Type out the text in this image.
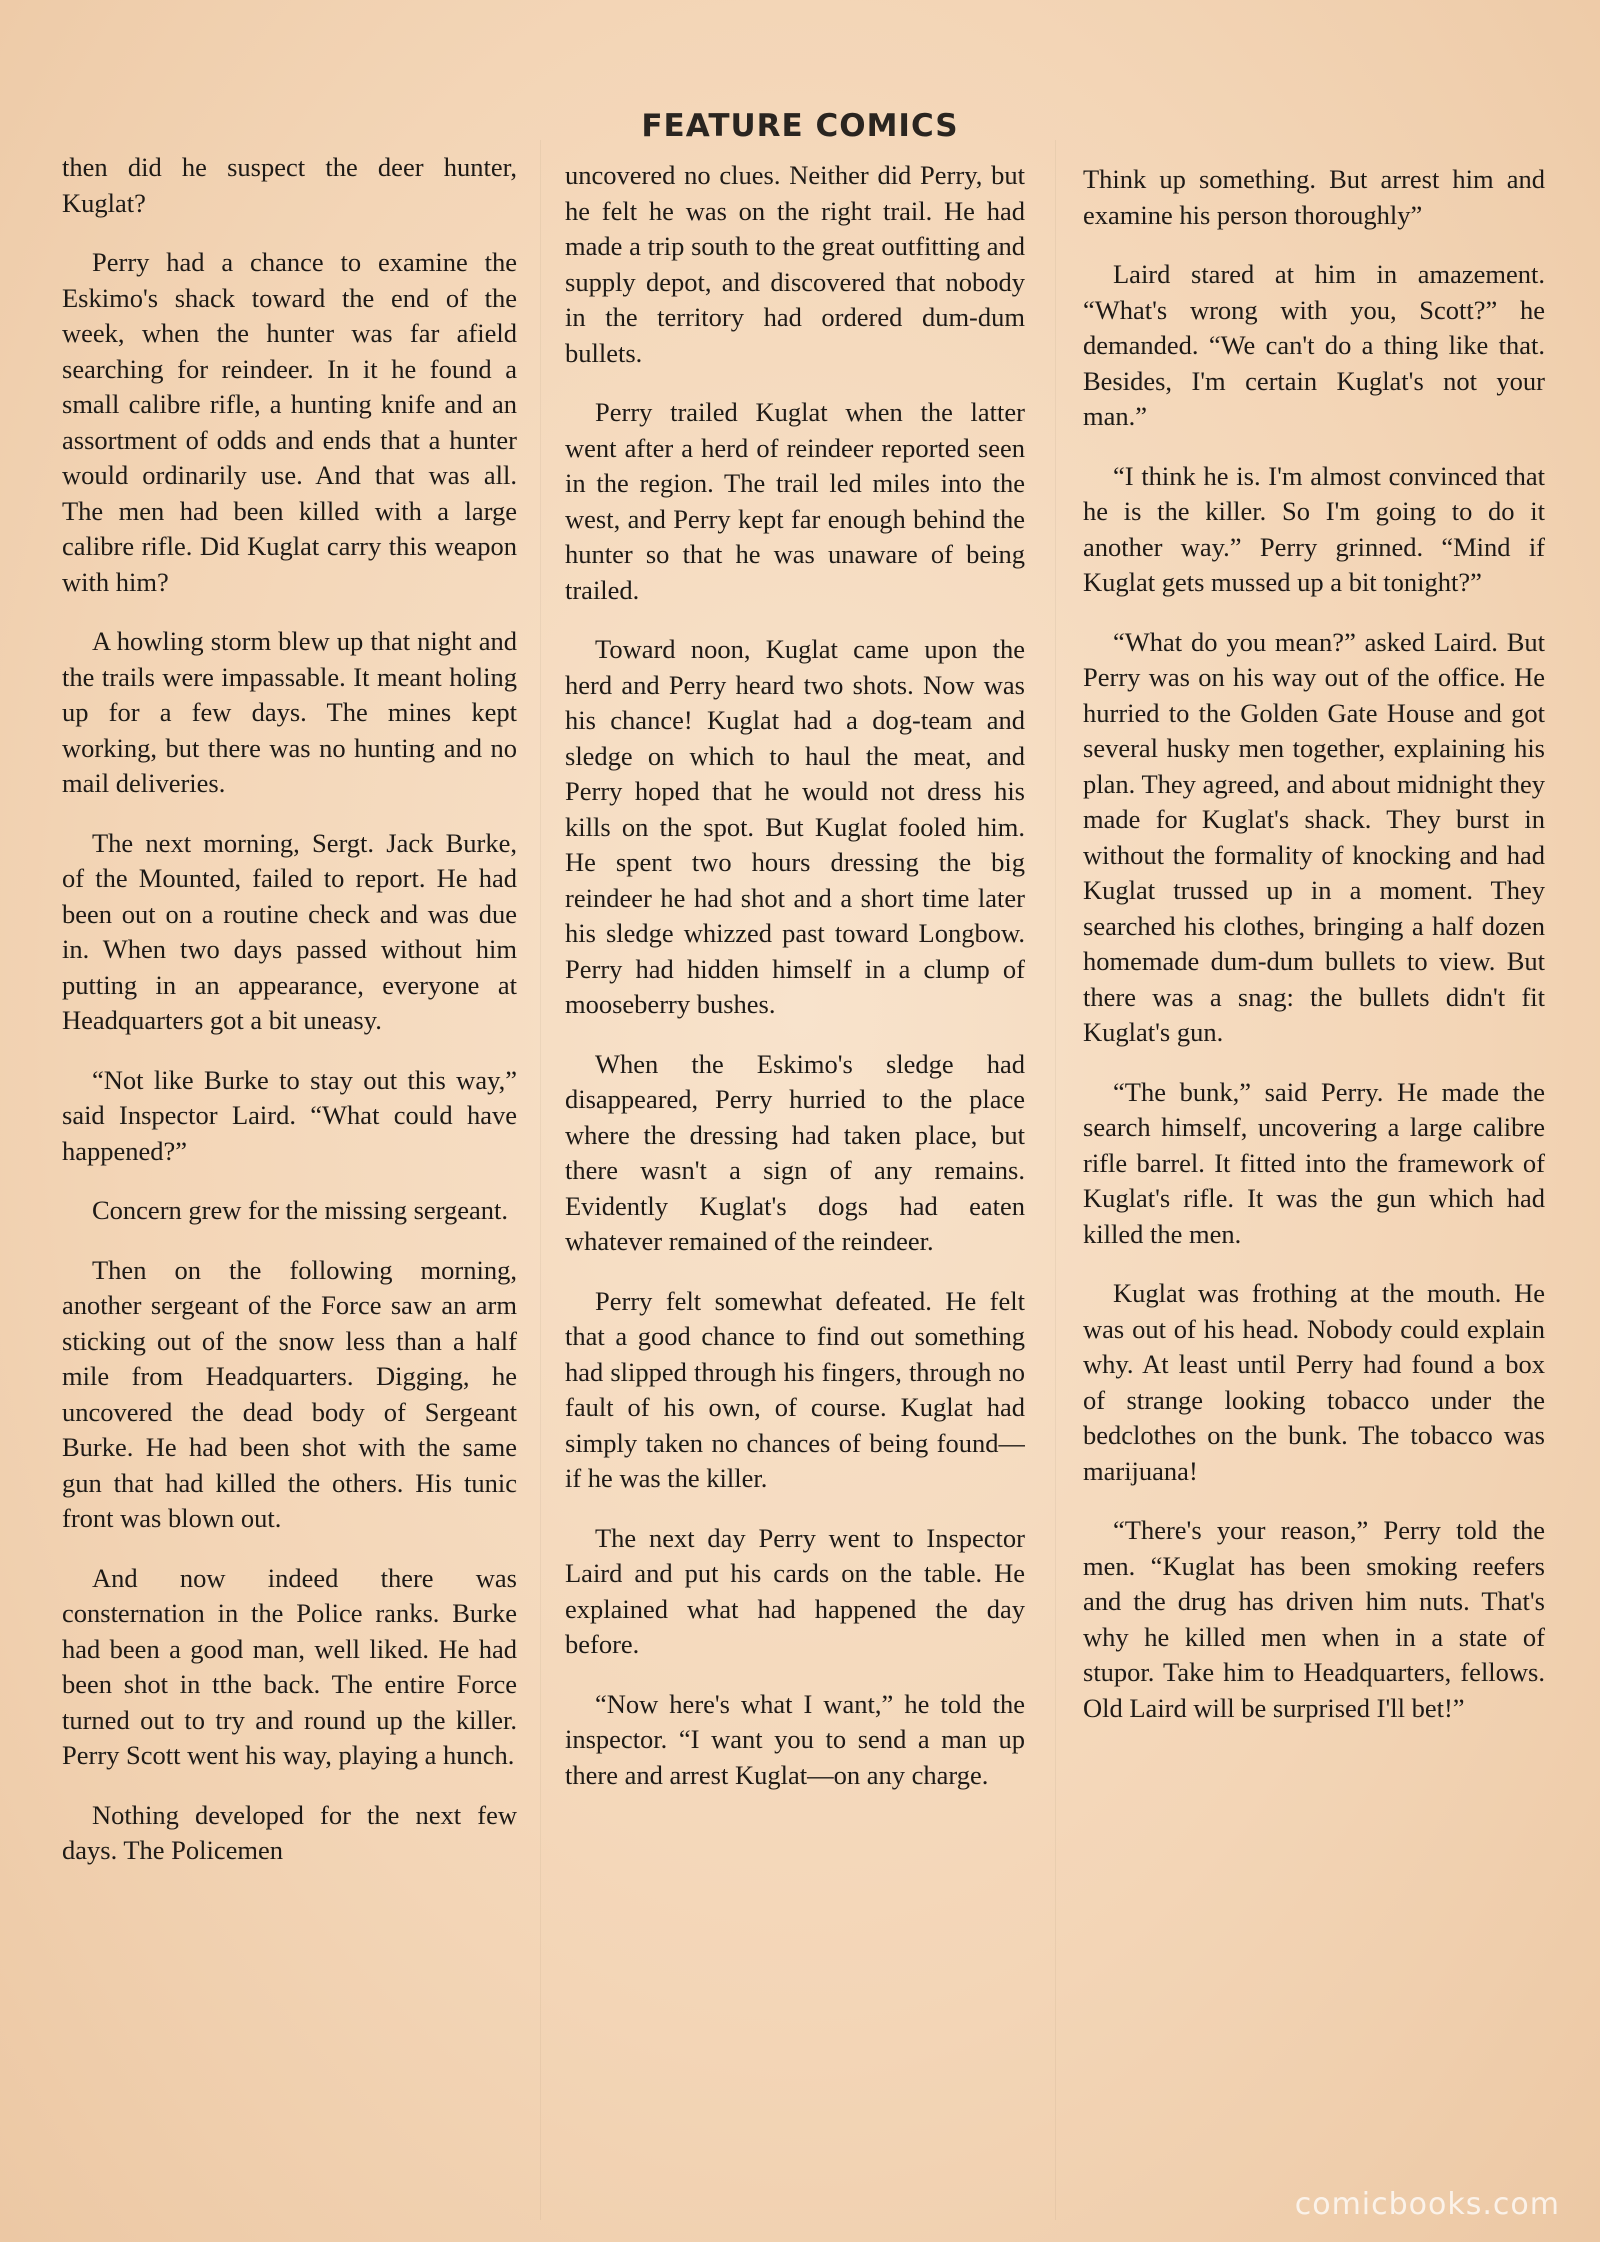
FEATURE COMICS

then did he suspect the deer hunter, Kuglat?

Perry had a chance to examine the Eskimo's shack toward the end of the week, when the hunter was far afield searching for reindeer. In it he found a small calibre rifle, a hunting knife and an assortment of odds and ends that a hunter would ordinarily use. And that was all. The men had been killed with a large calibre rifle. Did Kuglat carry this weapon with him?

A howling storm blew up that night and the trails were impassable. It meant holing up for a few days. The mines kept working, but there was no hunting and no mail deliveries.

The next morning, Sergt. Jack Burke, of the Mounted, failed to report. He had been out on a routine check and was due in. When two days passed without him putting in an appearance, everyone at Headquarters got a bit uneasy.

“Not like Burke to stay out this way,” said Inspector Laird. “What could have happened?”

Concern grew for the missing sergeant.

Then on the following morning, another sergeant of the Force saw an arm sticking out of the snow less than a half mile from Headquarters. Digging, he uncovered the dead body of Sergeant Burke. He had been shot with the same gun that had killed the others. His tunic front was blown out.

And now indeed there was consternation in the Police ranks. Burke had been a good man, well liked. He had been shot in tthe back. The entire Force turned out to try and round up the killer. Perry Scott went his way, playing a hunch.

Nothing developed for the next few days. The Policemen

uncovered no clues. Neither did Perry, but he felt he was on the right trail. He had made a trip south to the great outfitting and supply depot, and discovered that nobody in the territory had ordered dum-dum bullets.

Perry trailed Kuglat when the latter went after a herd of reindeer reported seen in the region. The trail led miles into the west, and Perry kept far enough behind the hunter so that he was unaware of being trailed.

Toward noon, Kuglat came upon the herd and Perry heard two shots. Now was his chance! Kuglat had a dog-team and sledge on which to haul the meat, and Perry hoped that he would not dress his kills on the spot. But Kuglat fooled him. He spent two hours dressing the big reindeer he had shot and a short time later his sledge whizzed past toward Longbow. Perry had hidden himself in a clump of mooseberry bushes.

When the Eskimo's sledge had disappeared, Perry hurried to the place where the dressing had taken place, but there wasn't a sign of any remains. Evidently Kuglat's dogs had eaten whatever remained of the reindeer.

Perry felt somewhat defeated. He felt that a good chance to find out something had slipped through his fingers, through no fault of his own, of course. Kuglat had simply taken no chances of being found—if he was the killer.

The next day Perry went to Inspector Laird and put his cards on the table. He explained what had happened the day before.

“Now here's what I want,” he told the inspector. “I want you to send a man up there and arrest Kuglat—on any charge.

Think up something. But arrest him and examine his person thoroughly”

Laird stared at him in amazement. “What's wrong with you, Scott?” he demanded. “We can't do a thing like that. Besides, I'm certain Kuglat's not your man.”

“I think he is. I'm almost convinced that he is the killer. So I'm going to do it another way.” Perry grinned. “Mind if Kuglat gets mussed up a bit tonight?”

“What do you mean?” asked Laird. But Perry was on his way out of the office. He hurried to the Golden Gate House and got several husky men together, explaining his plan. They agreed, and about midnight they made for Kuglat's shack. They burst in without the formality of knocking and had Kuglat trussed up in a moment. They searched his clothes, bringing a half dozen homemade dum-dum bullets to view. But there was a snag: the bullets didn't fit Kuglat's gun.

“The bunk,” said Perry. He made the search himself, uncovering a large calibre rifle barrel. It fitted into the framework of Kuglat's rifle. It was the gun which had killed the men.

Kuglat was frothing at the mouth. He was out of his head. Nobody could explain why. At least until Perry had found a box of strange looking tobacco under the bedclothes on the bunk. The tobacco was marijuana!

“There's your reason,” Perry told the men. “Kuglat has been smoking reefers and the drug has driven him nuts. That's why he killed men when in a state of stupor. Take him to Headquarters, fellows. Old Laird will be surprised I'll bet!”

comicbooks.com
